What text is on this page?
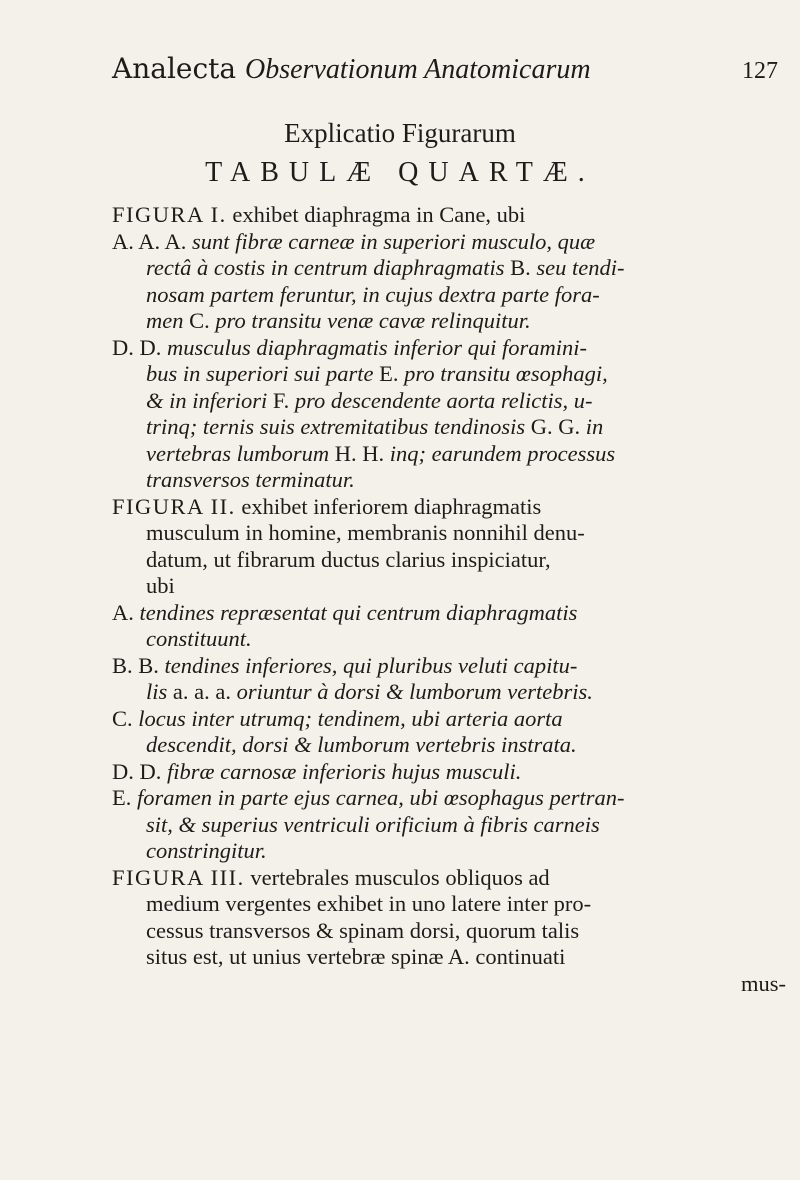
Analecta Observationum Anatomicarum	127
Explicatio Figurarum
TABULÆ QUARTÆ.
FIGURA I. exhibet diaphragma in Cane, ubi
A. A. A. sunt fibræ carneæ in superiori musculo, quæ
rectâ à costis in centrum diaphragmatis B. seu tendi-
nosam partem feruntur, in cujus dextra parte fora-
men C. pro transitu venæ cavæ relinquitur.
D. D. musculus diaphragmatis inferior qui foramini-
bus in superiori sui parte E. pro transitu œsophagi,
& in inferiori F. pro descendente aorta relictis, u-
trinq; ternis suis extremitatibus tendinosis G. G. in
vertebras lumborum H. H. inq; earundem processus
transversos terminatur.
FIGURA II. exhibet inferiorem diaphragmatis
musculum in homine, membranis nonnihil denu-
datum, ut fibrarum ductus clarius inspiciatur,
ubi
A. tendines repræsentat qui centrum diaphragmatis
constituunt.
B. B. tendines inferiores, qui pluribus veluti capitu-
lis a. a. a. oriuntur à dorsi & lumborum vertebris.
C. locus inter utrumq; tendinem, ubi arteria aorta
descendit, dorsi & lumborum vertebris instrata.
D. D. fibræ carnosæ inferioris hujus musculi.
E. foramen in parte ejus carnea, ubi œsophagus pertran-
sit, & superius ventriculi orificium à fibris carneis
constringitur.
FIGURA III. vertebrales musculos obliquos ad
medium vergentes exhibet in uno latere inter pro-
cessus transversos & spinam dorsi, quorum talis
situs est, ut unius vertebræ spinæ A. continuati
mus-
